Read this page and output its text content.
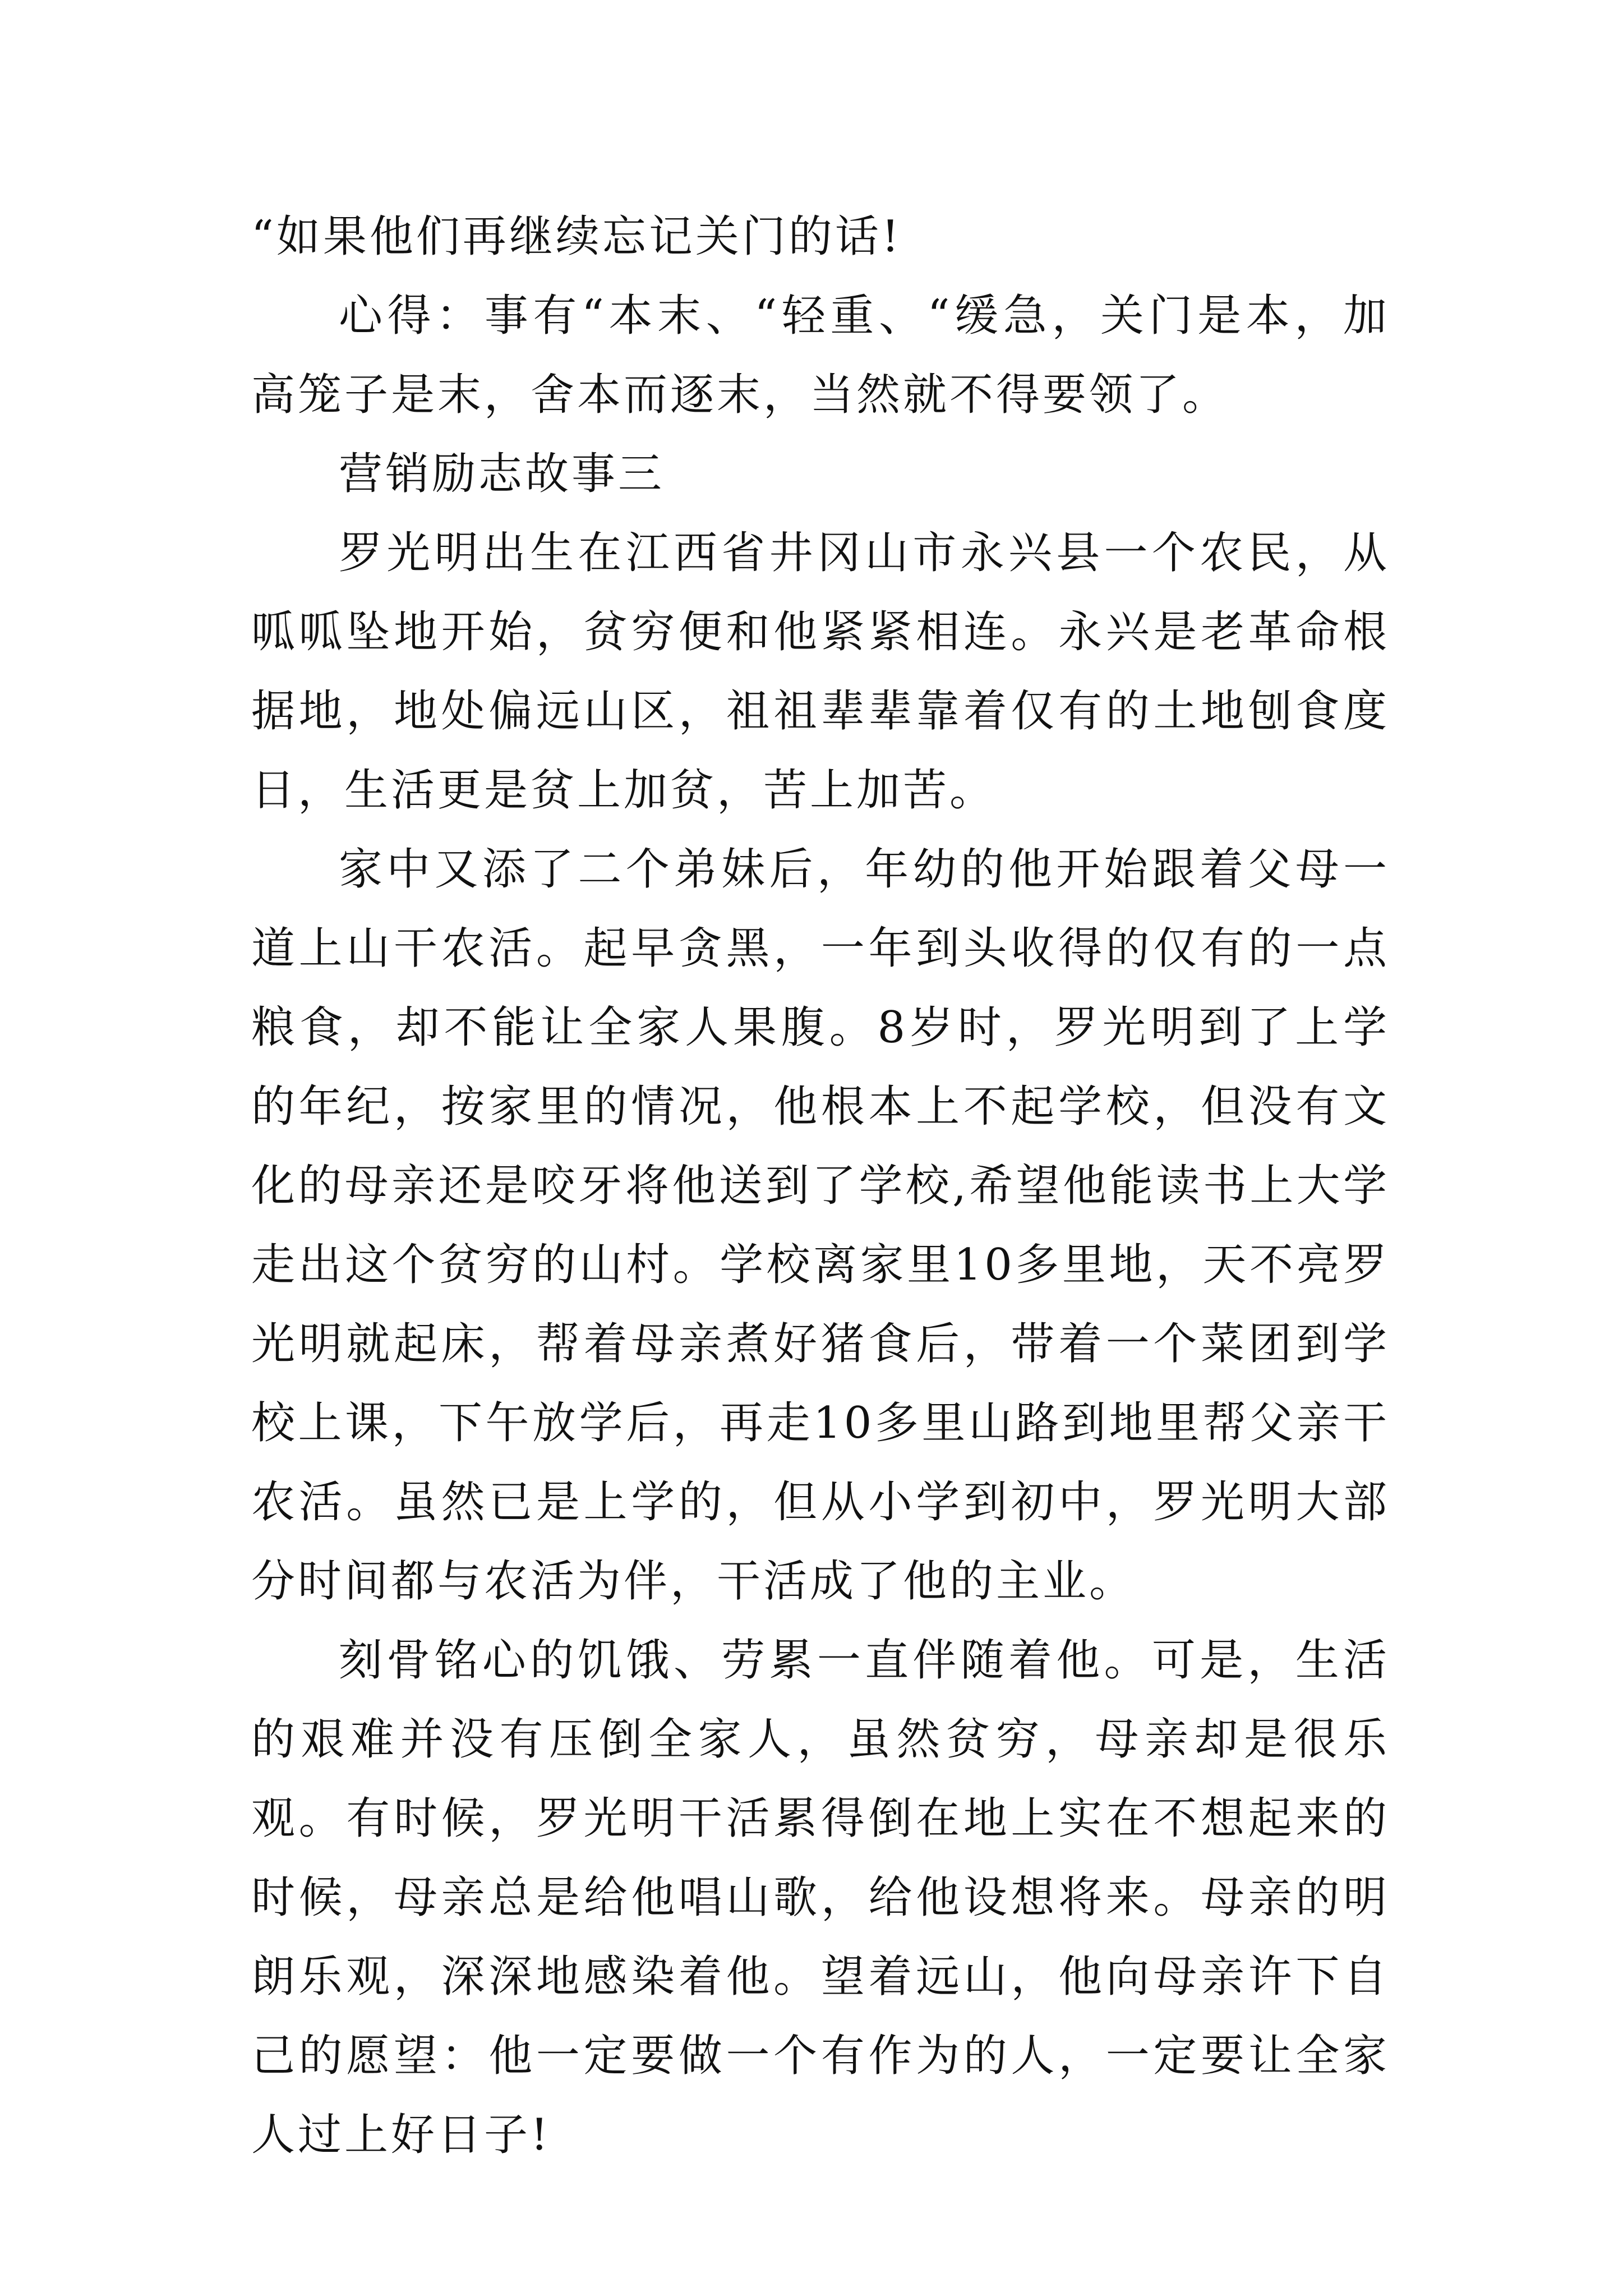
“如果他们再继续忘记关门的话!

心得：事有“本末、“轻重、“缓急，关门是本，加高笼子是末，舍本而逐末，当然就不得要领了。

营销励志故事三

罗光明出生在江西省井冈山市永兴县一个农民，从呱呱坠地开始，贫穷便和他紧紧相连。永兴是老革命根据地，地处偏远山区，祖祖辈辈靠着仅有的土地刨食度日，生活更是贫上加贫，苦上加苦。

家中又添了二个弟妹后，年幼的他开始跟着父母一道上山干农活。起早贪黑，一年到头收得的仅有的一点粮食，却不能让全家人果腹。8岁时，罗光明到了上学的年纪，按家里的情况，他根本上不起学校，但没有文化的母亲还是咬牙将他送到了学校,希望他能读书上大学走出这个贫穷的山村。学校离家里10多里地，天不亮罗光明就起床，帮着母亲煮好猪食后，带着一个菜团到学校上课，下午放学后，再走10多里山路到地里帮父亲干农活。虽然已是上学的，但从小学到初中，罗光明大部分时间都与农活为伴，干活成了他的主业。

刻骨铭心的饥饿、劳累一直伴随着他。可是，生活的艰难并没有压倒全家人，虽然贫穷，母亲却是很乐观。有时候，罗光明干活累得倒在地上实在不想起来的时候，母亲总是给他唱山歌，给他设想将来。母亲的明朗乐观，深深地感染着他。望着远山，他向母亲许下自己的愿望：他一定要做一个有作为的人，一定要让全家人过上好日子!
